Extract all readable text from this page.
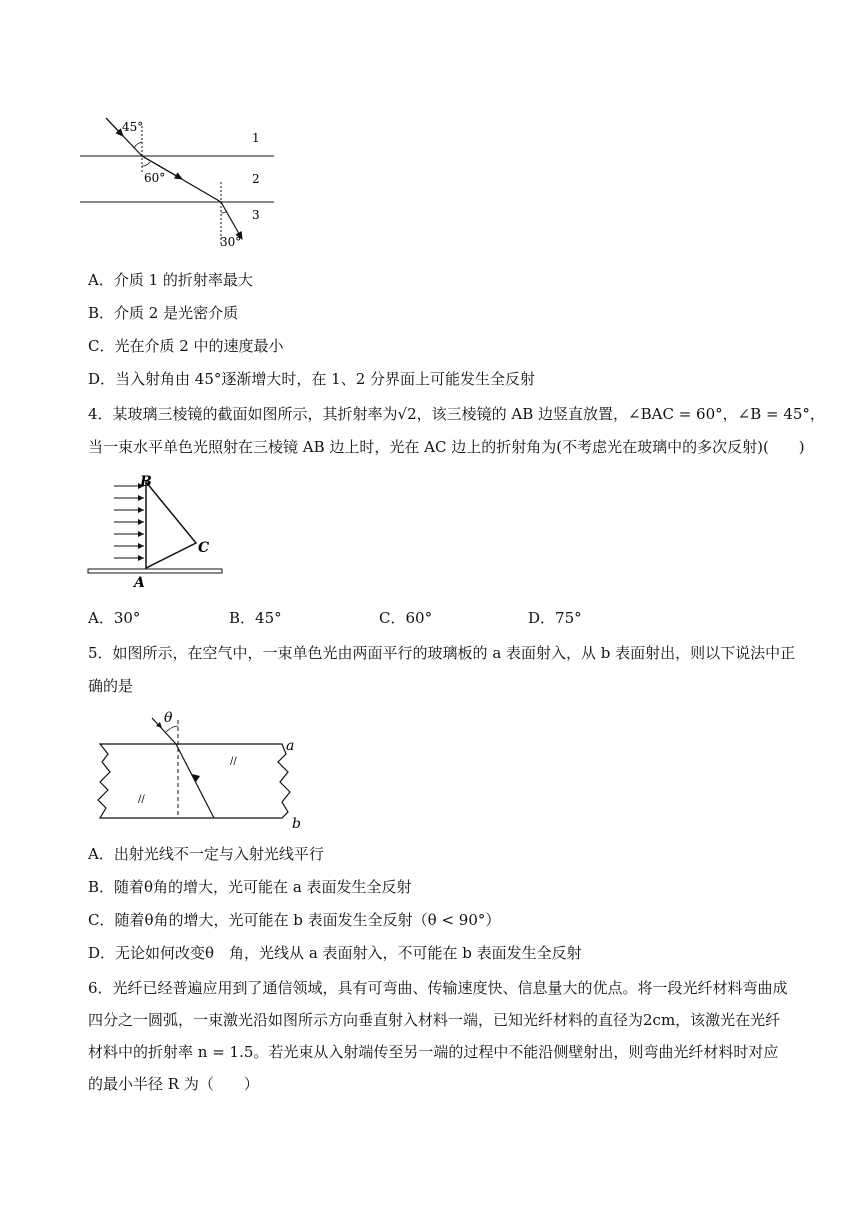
45°
60°
30°
1
2
3
A．介质 1 的折射率最大
B．介质 2 是光密介质
C．光在介质 2 中的速度最小
D．当入射角由 45°逐渐增大时，在 1、2 分界面上可能发生全反射
4．某玻璃三棱镜的截面如图所示，其折射率为√2，该三棱镜的 AB 边竖直放置，∠BAC = 60°，∠B = 45°，
当一束水平单色光照射在三棱镜 AB 边上时，光在 AC 边上的折射角为(不考虑光在玻璃中的多次反射)(　　)
B
C
A
A．30°	B．45°	C．60°	D．75°
5．如图所示，在空气中，一束单色光由两面平行的玻璃板的 a 表面射入，从 b 表面射出，则以下说法中正
确的是
//
//
θ
a
b
A．出射光线不一定与入射光线平行
B．随着θ角的增大，光可能在 a 表面发生全反射
C．随着θ角的增大，光可能在 b 表面发生全反射（θ < 90°）
D．无论如何改变θ　角，光线从 a 表面射入，不可能在 b 表面发生全反射
6．光纤已经普遍应用到了通信领域，具有可弯曲、传输速度快、信息量大的优点。将一段光纤材料弯曲成四分之一圆弧，一束激光沿如图所示方向垂直射入材料一端，已知光纤材料的直径为2cm，该激光在光纤材料中的折射率 n = 1.5。若光束从入射端传至另一端的过程中不能沿侧壁射出，则弯曲光纤材料时对应的最小半径 R 为（　　）
